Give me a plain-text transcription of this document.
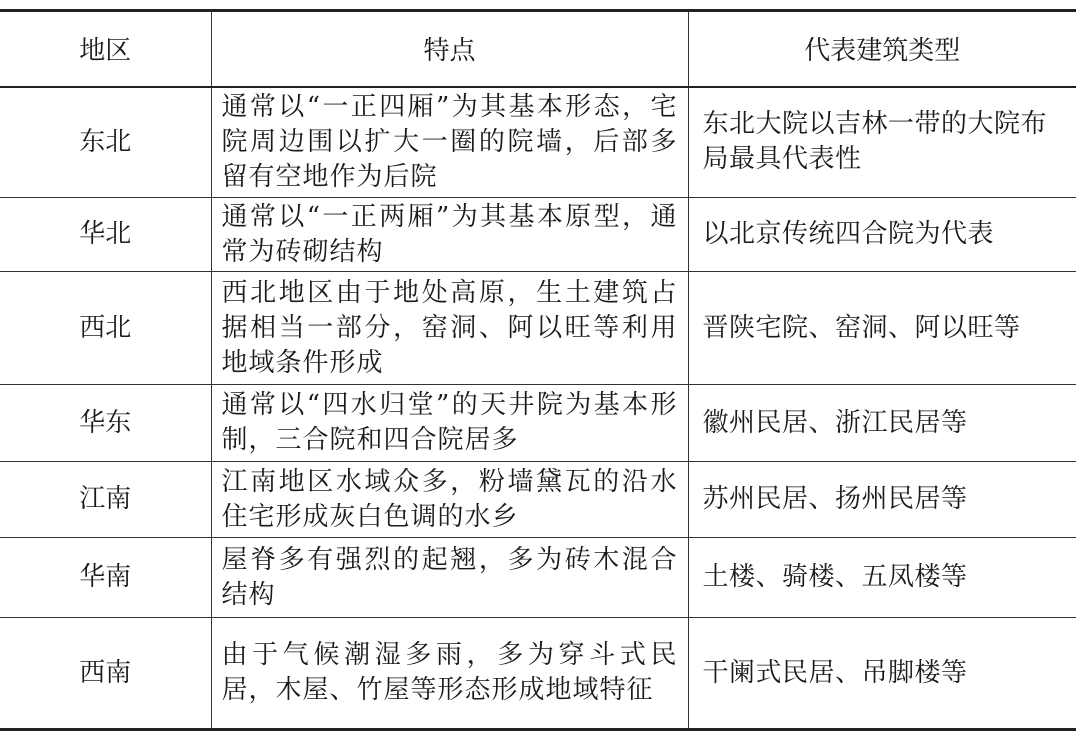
地区	特点	代表建筑类型
东北	通常以“一正四厢”为其基本形态，宅院周边围以扩大一圈的院墙，后部多留有空地作为后院	东北大院以吉林一带的大院布局最具代表性
华北	通常以“一正两厢”为其基本原型，通常为砖砌结构	以北京传统四合院为代表
西北	西北地区由于地处高原，生土建筑占据相当一部分，窑洞、阿以旺等利用地域条件形成	晋陕宅院、窑洞、阿以旺等
华东	通常以“四水归堂”的天井院为基本形制，三合院和四合院居多	徽州民居、浙江民居等
江南	江南地区水域众多，粉墙黛瓦的沿水住宅形成灰白色调的水乡	苏州民居、扬州民居等
华南	屋脊多有强烈的起翘，多为砖木混合结构	土楼、骑楼、五凤楼等
西南	由于气候潮湿多雨，多为穿斗式民居，木屋、竹屋等形态形成地域特征	干阑式民居、吊脚楼等
